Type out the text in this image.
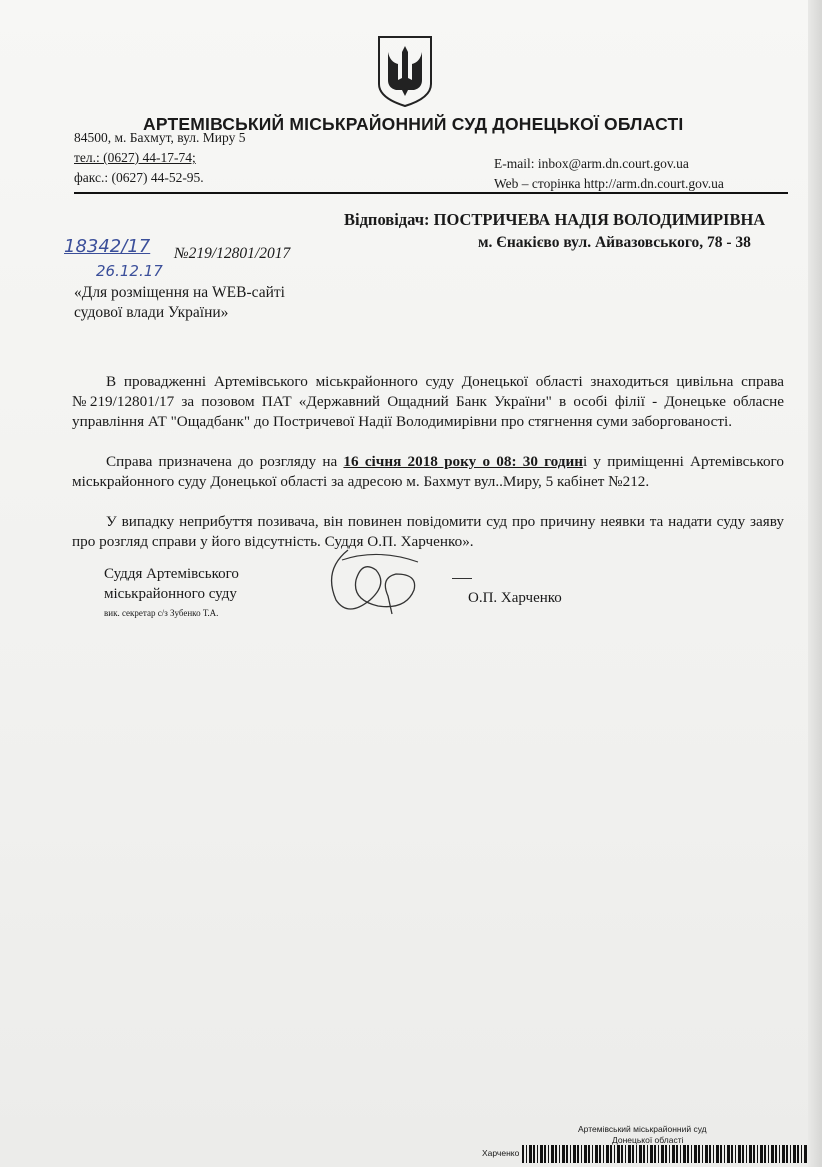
АРТЕМІВСЬКИЙ МІСЬКРАЙОННИЙ СУД ДОНЕЦЬКОЇ ОБЛАСТІ
84500, м. Бахмут, вул. Миру 5
тел.: (0627) 44-17-74;
факс.: (0627) 44-52-95.
E-mail: inbox@arm.dn.court.gov.ua
Web – сторінка http://arm.dn.court.gov.ua
Відповідач: ПОСТРИЧЕВА НАДІЯ ВОЛОДИМИРІВНА
м. Єнакієво вул. Айвазовського, 78 - 38
18342/17 №219/12801/2017
26.12.17
«Для розміщення на WEB-сайті
судової влади України»
В провадженні Артемівського міськрайонного суду Донецької області знаходиться цивільна справа №219/12801/17 за позовом ПАТ «Державний Ощадний Банк України" в особі філії - Донецьке обласне управління АТ "Ощадбанк" до Постричевої Надії Володимирівни про стягнення суми заборгованості.
Справа призначена до розгляду на 16 січня 2018 року о 08: 30 годині у приміщенні Артемівського міськрайонного суду Донецької області за адресою м. Бахмут вул..Миру, 5 кабінет №212.
У випадку неприбуття позивача, він повинен повідомити суд про причину неявки та надати суду заяву про розгляд справи у його відсутність. Суддя О.П. Харченко».
Суддя Артемівського
міськрайонного суду
вик. секретар с/з Зубенко Т.А.
О.П. Харченко
Артемівський міськрайонний суд
Донецької області
Харченко
